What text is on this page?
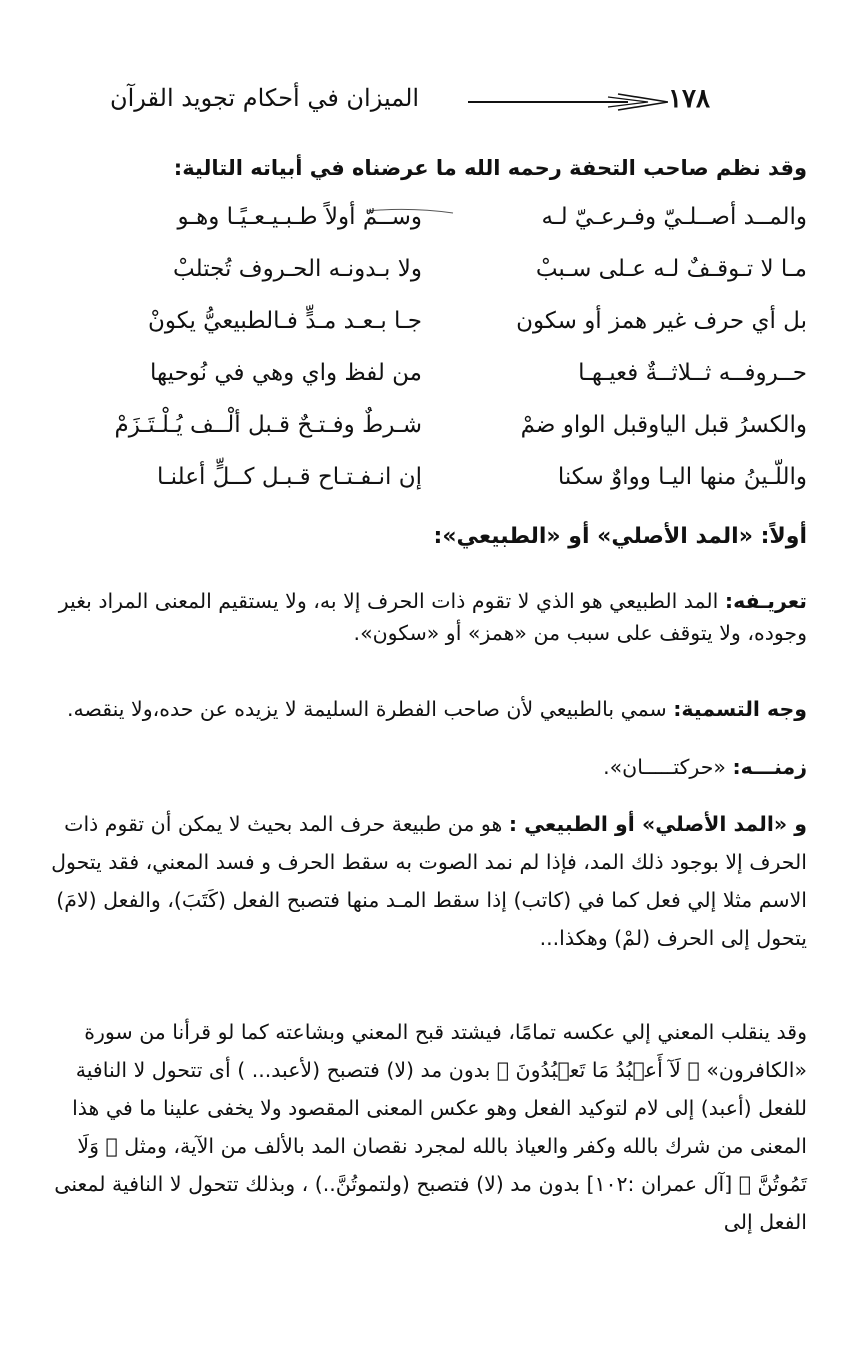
١٧٨
الميزان في أحكام تجويد القرآن
وقد نظم صاحب التحفة رحمه الله ما عرضناه في أبياته التالية:
والمــد أصــلـيّ وفـرعـيّ لـه
وســمّ أولاً طـبـيـعـيًـا وهـو
مـا لا تـوقـفٌ لـه عـلى سـببْ
ولا بـدونـه الحـروف تُجتلبْ
بل أي حرف غير همز أو سكون
جـا بـعـد مـدٍّ فـالطبيعيُّ يكونْ
حــروفــه ثــلاثــةٌ فعيـهـا
من لفظ واي وهي في نُوحيها
والكسرُ قبل الياوقبل الواو ضمْ
شـرطٌ وفـتـحٌ قـبل ألْــف يُـلْـتَـزَمْ
واللّـينُ منها اليـا وواوٌ سكنا
إن انـفـتـاح قـبـل كــلٍّ أعلنـا
أولاً: «المد الأصلي» أو «الطبيعي»:
تعريـفه: المد الطبيعي هو الذي لا تقوم ذات الحرف إلا به، ولا يستقيم المعنى المراد بغير وجوده، ولا يتوقف على سبب من «همز» أو «سكون».
وجه التسمية: سمي بالطبيعي لأن صاحب الفطرة السليمة لا يزيده عن حده،ولا ينقصه.
زمنـــه: «حركتـــــان».
و «المد الأصلي» أو الطبيعي : هو من طبيعة حرف المد بحيث لا يمكن أن تقوم ذات الحرف إلا بوجود ذلك المد، فإذا لم نمد الصوت به سقط الحرف و فسد المعني، فقد يتحول الاسم مثلا إلي فعل كما في (كاتب) إذا سقط المـد منها فتصبح الفعل (كَتَبَ)، والفعل (لامَ) يتحول إلى الحرف (لمْ) وهكذا...
وقد ينقلب المعني إلي عكسه تمامًا، فيشتد قبح المعني وبشاعته كما لو قرأنا من سورة «الكافرون» ﴿ لَآ أَعۡبُدُ مَا تَعۡبُدُونَ ﴾ بدون مد (لا) فتصبح (لأعبد... ) أى تتحول لا النافية للفعل (أعبد) إلى لام لتوكيد الفعل وهو عكس المعنى المقصود ولا يخفى علينا ما في هذا المعنى من شرك بالله وكفر والعياذ بالله لمجرد نقصان المد بالألف من الآية، ومثل ﴿ وَلَا تَمُوتُنَّ ﴾ [آل عمران :١٠٢] بدون مد (لا) فتصبح (ولتموتُنَّ..) ، وبذلك تتحول لا النافية لمعنى الفعل إلى
